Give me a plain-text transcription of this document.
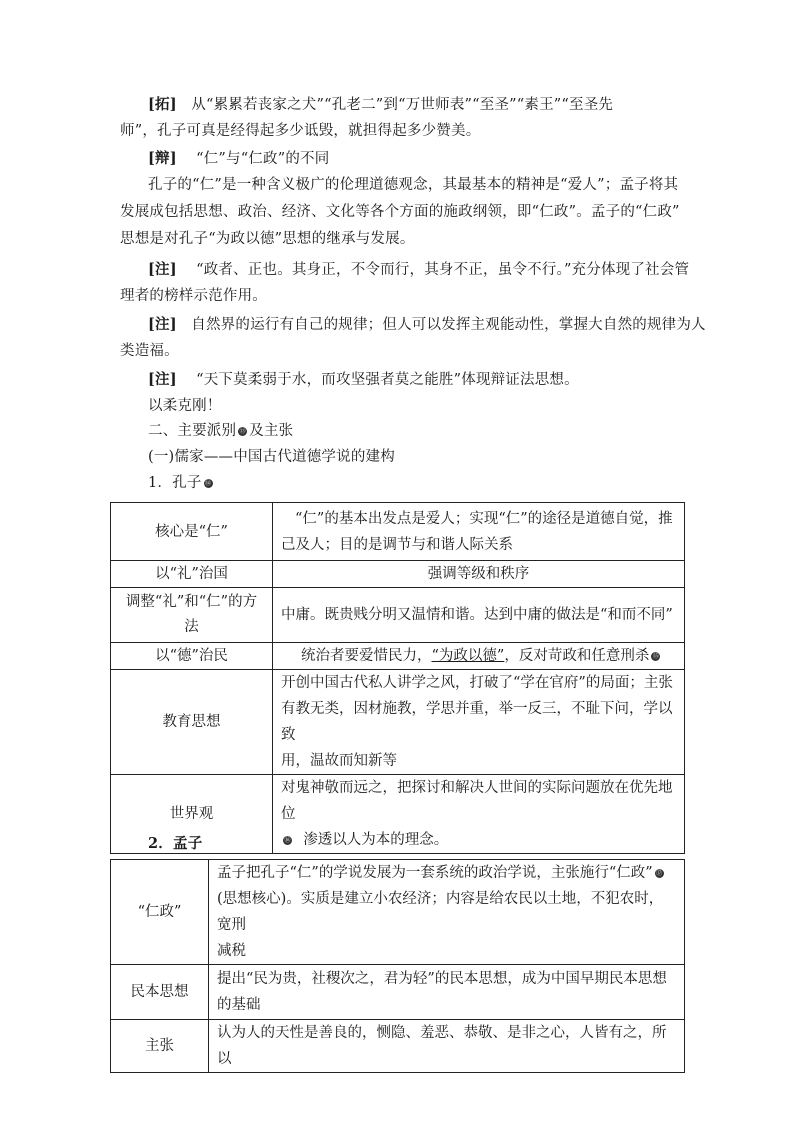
[拓] 从“累累若丧家之犬”“孔老二”到“万世师表”“至圣”“素王”“至圣先
师”，孔子可真是经得起多少诋毁，就担得起多少赞美。
[辩] “仁”与“仁政”的不同
孔子的“仁”是一种含义极广的伦理道德观念，其最基本的精神是“爱人”；孟子将其
发展成包括思想、政治、经济、文化等各个方面的施政纲领，即“仁政”。孟子的“仁政”
思想是对孔子“为政以德”思想的继承与发展。
[注] “政者、正也。其身正，不令而行，其身不正，虽令不行。”充分体现了社会管
理者的榜样示范作用。
[注] 自然界的运行有自己的规律；但人可以发挥主观能动性，掌握大自然的规律为人
类造福。
[注] “天下莫柔弱于水，而攻坚强者莫之能胜”体现辩证法思想。
以柔克刚！
二、主要派别 ⑬ 及主张
(一)儒家——中国古代道德学说的建构
1．孔子 ⑭
核心是“仁”	“仁”的基本出发点是爱人；实现“仁”的途径是道德自觉，推
己及人；目的是调节与和谐人际关系

以“礼”治国	强调等级和秩序

调整“礼”和“仁”的方
法	中庸。既贵贱分明又温情和谐。达到中庸的做法是“和而不同”
以“德”治民	统治者要爱惜民力，“为政以德”，反对苛政和任意刑杀 ⑮
教育思想	开创中国古代私人讲学之风，打破了“学在官府”的局面；主张
有教无类，因材施教，学思并重，举一反三，不耻下问，学以致
用，温故而知新等

世界观	对鬼神敬而远之，把探讨和解决人世间的实际问题放在优先地位
⑯ 渗透以人为本的理念。
2．孟子
“仁政”	孟子把孔子“仁”的学说发展为一套系统的政治学说，主张施行“仁政” ⑰
(思想核心)。实质是建立小农经济；内容是给农民以土地，不犯农时，宽刑
减税

民本思想	提出“民为贵，社稷次之，君为轻”的民本思想，成为中国早期民本思想
的基础

主张	认为人的天性是善良的，恻隐、羞恶、恭敬、是非之心，人皆有之，所以
